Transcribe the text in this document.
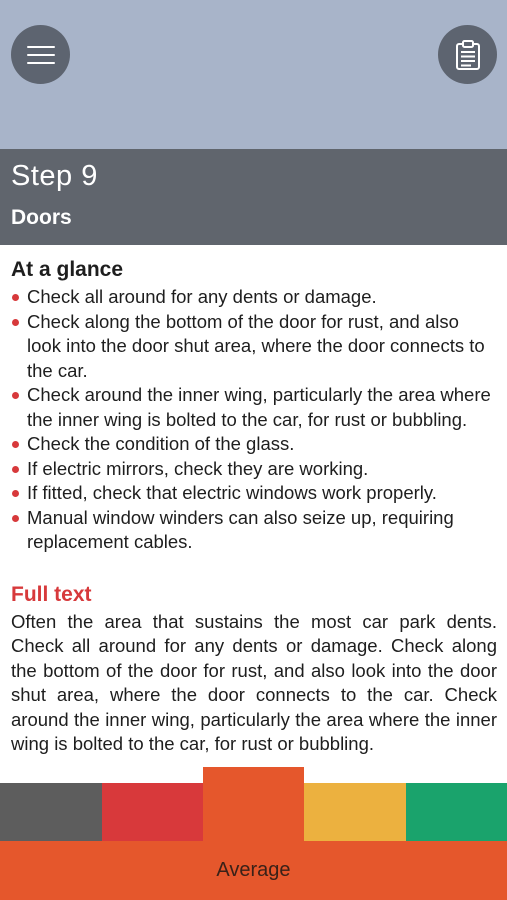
Step 9
Doors
At a glance
Check all around for any dents or damage.
Check along the bottom of the door for rust, and also look into the door shut area, where the door connects to the car.
Check around the inner wing, particularly the area where the inner wing is bolted to the car, for rust or bubbling.
Check the condition of the glass.
If electric mirrors, check they are working.
If fitted, check that electric windows work properly.
Manual window winders can also seize up, requiring replacement cables.
Full text

Often the area that sustains the most car park dents. Check all around for any dents or damage. Check along the bottom of the door for rust, and also look into the door shut area, where the door connects to the car. Check around the inner wing, particularly the area where the inner wing is bolted to the car, for rust or bubbling.

Average
